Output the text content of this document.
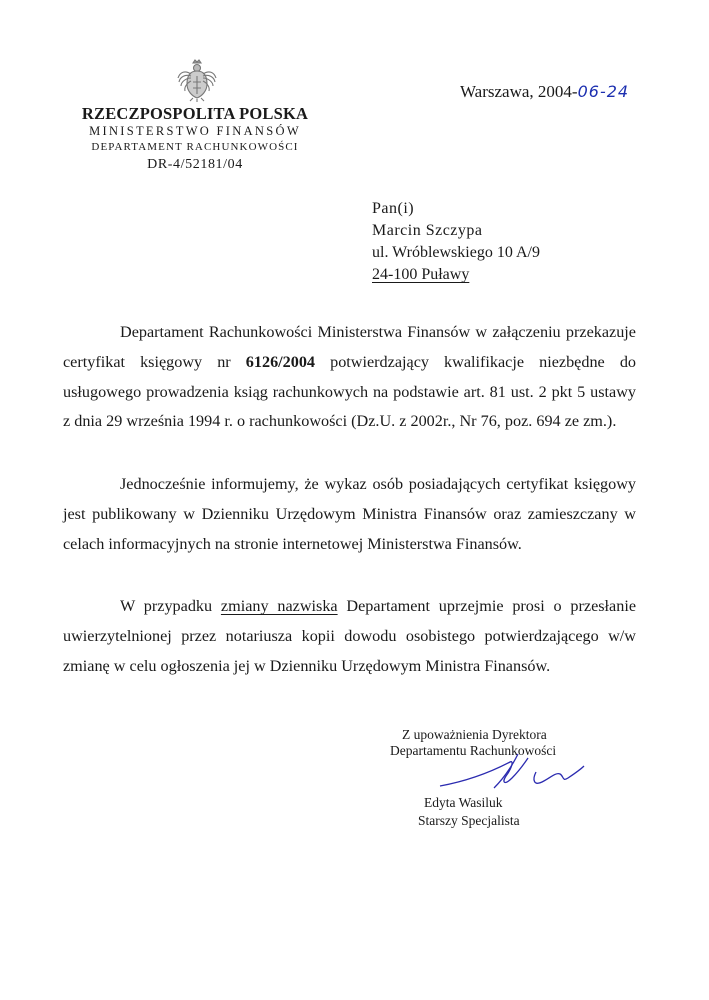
RZECZPOSPOLITA POLSKA
MINISTERSTWO FINANSÓW
DEPARTAMENT RACHUNKOWOŚCI
DR-4/52181/04
Warszawa, 2004-06-24
Pan(i)
Marcin Szczypa
ul. Wróblewskiego 10 A/9
24-100 Puławy
Departament Rachunkowości Ministerstwa Finansów w załączeniu przekazuje certyfikat księgowy nr 6126/2004 potwierdzający kwalifikacje niezbędne do usługowego prowadzenia ksiąg rachunkowych na podstawie art. 81 ust. 2 pkt 5 ustawy z dnia 29 września 1994 r. o rachunkowości (Dz.U. z 2002r., Nr 76, poz. 694 ze zm.).
Jednocześnie informujemy, że wykaz osób posiadających certyfikat księgowy jest publikowany w Dzienniku Urzędowym Ministra Finansów oraz zamieszczany w celach informacyjnych na stronie internetowej Ministerstwa Finansów.
W przypadku zmiany nazwiska Departament uprzejmie prosi o przesłanie uwierzytelnionej przez notariusza kopii dowodu osobistego potwierdzającego w/w zmianę w celu ogłoszenia jej w Dzienniku Urzędowym Ministra Finansów.
Z upoważnienia Dyrektora
Departamentu Rachunkowości
Edyta Wasiluk
Starszy Specjalista
